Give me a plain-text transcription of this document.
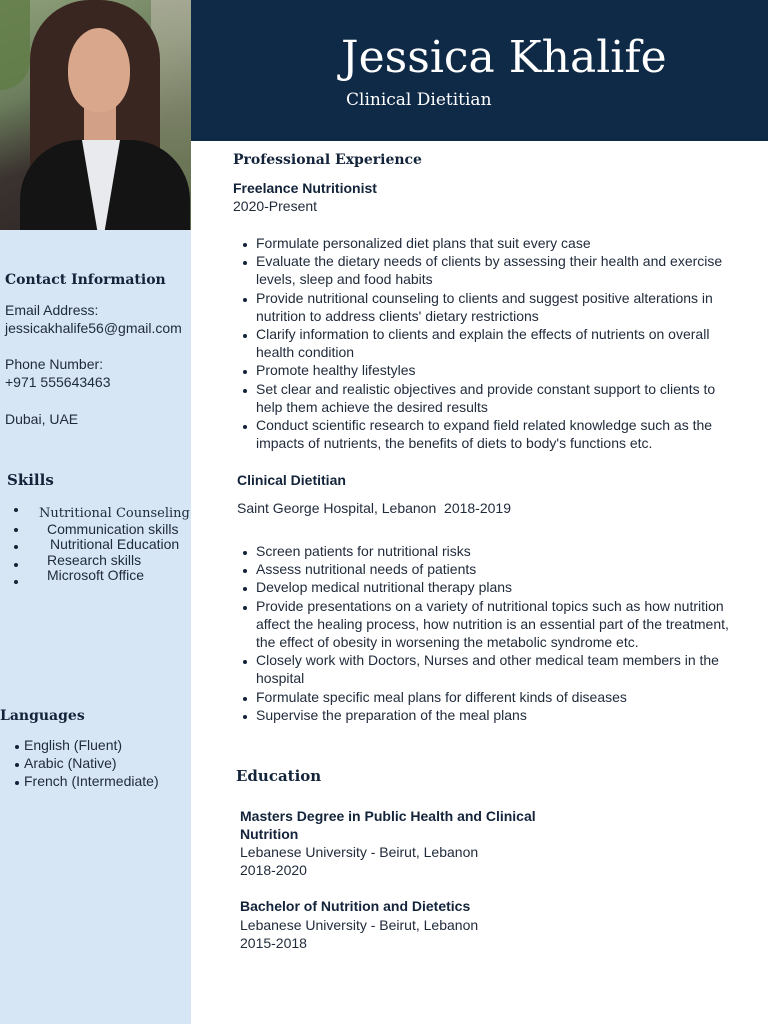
Jessica Khalife
Clinical Dietitian
Contact Information
Email Address:
jessicakhalife56@gmail.com
Phone Number:
+971 555643463
Dubai, UAE
Skills
Nutritional Counseling
Communication skills
Nutritional Education
Research skills
Microsoft Office
Languages
English (Fluent)
Arabic (Native)
French (Intermediate)
Professional Experience
Freelance Nutritionist
2020-Present
Formulate personalized diet plans that suit every case
Evaluate the dietary needs of clients by assessing their health and exercise levels, sleep and food habits
Provide nutritional counseling to clients and suggest positive alterations in nutrition to address clients' dietary restrictions
Clarify information to clients and explain the effects of nutrients on overall health condition
Promote healthy lifestyles
Set clear and realistic objectives and provide constant support to clients to help them achieve the desired results
Conduct scientific research to expand field related knowledge such as the impacts of nutrients, the benefits of diets to body's functions etc.
Clinical Dietitian
Saint George Hospital, Lebanon  2018-2019
Screen patients for nutritional risks
Assess nutritional needs of patients
Develop medical nutritional therapy plans
Provide presentations on a variety of nutritional topics such as how nutrition affect the healing process, how nutrition is an essential part of the treatment, the effect of obesity in worsening the metabolic syndrome etc.
Closely work with Doctors, Nurses and other medical team members in the hospital
Formulate specific meal plans for different kinds of diseases
Supervise the preparation of the meal plans
Education
Masters Degree in Public Health and Clinical
Nutrition
Lebanese University - Beirut, Lebanon
2018-2020
Bachelor of Nutrition and Dietetics
Lebanese University - Beirut, Lebanon
2015-2018
